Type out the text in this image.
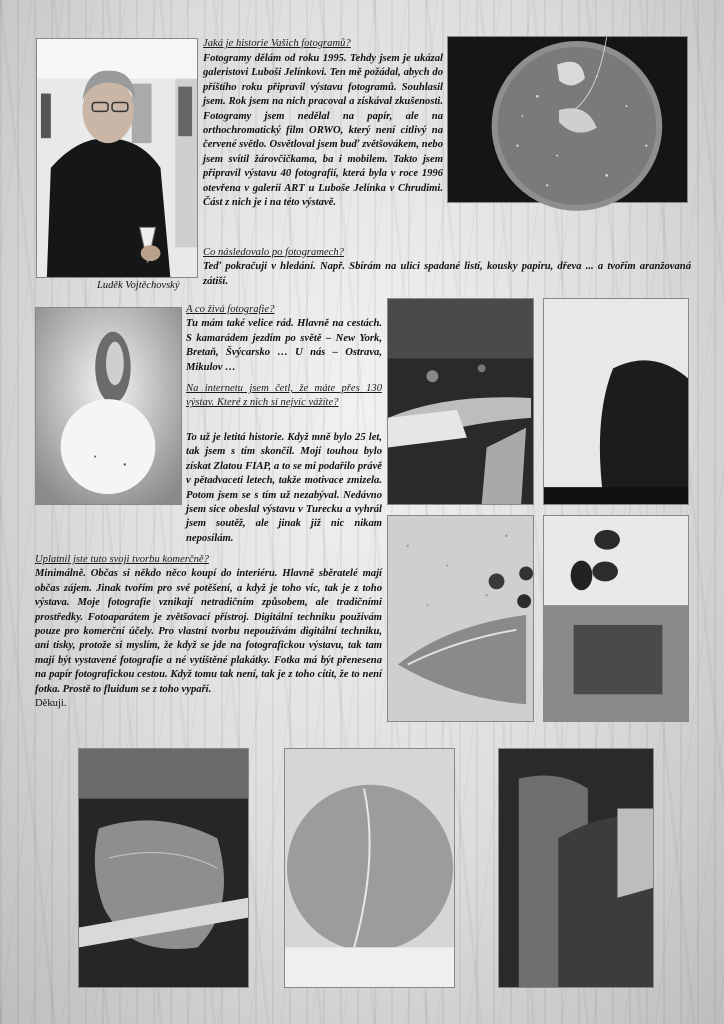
Luděk Vojtěchovský
Jaká je historie Vašich fotogramů?
Fotogramy dělám od roku 1995. Tehdy jsem je ukázal galeristovi Luboši Jelínkovi. Ten mě požádal, abych do příštího roku připravil výstavu fotogramů. Souhlasil jsem. Rok jsem na nich pracoval a získával zkušenosti. Fotogramy jsem nedělal na papír, ale na orthochromatický film ORWO, který není citlivý na červené světlo. Osvětloval jsem buď zvětšovákem, nebo jsem svítil žárovčičkama, ba i mobilem. Takto jsem připravil výstavu 40 fotografií, která byla v roce 1996 otevřena v galerii ART u Luboše Jelínka v Chrudimi. Část z nich je i na této výstavě.
Co následovalo po fotogramech?
Teď pokračuji v hledání. Např. Sbírám na ulici spadané listí, kousky papíru, dřeva ... a tvořím aranžovaná zátiší.
A co živá fotografie?
Tu mám také velice rád. Hlavně na cestách. S kamarádem jezdím po světě – New York, Bretaň, Švýcarsko … U nás – Ostrava, Mikulov …
Na internetu jsem četl, že máte přes 130 výstav. Které z nich si nejvíc vážíte?
To už je letitá historie. Když mně bylo 25 let, tak jsem s tím skončil. Mojí touhou bylo získat Zlatou FIAP, a to se mi podařilo právě v pětadvaceti letech, takže motivace zmizela. Potom jsem se s tím už nezabýval. Nedávno jsem sice obeslal výstavu v Turecku a vyhrál jsem soutěž, ale jinak již nic nikam neposílám.
Uplatnil jste tuto svoji tvorbu komerčně?
Minimálně. Občas si někdo něco koupí do interiéru. Hlavně sběratelé mají občas zájem. Jinak tvořím pro své potěšení, a když je toho víc, tak je z toho výstava. Moje fotografie vznikají netradičním způsobem, ale tradičními prostředky. Fotoaparátem je zvětšovací přístroj. Digitální techniku používám pouze pro komerční účely. Pro vlastní tvorbu nepoužívám digitální techniku, ani tisky, protože si myslím, že když se jde na fotografickou výstavu, tak tam mají být vystavené fotografie a né vytištěné plakátky. Fotka má být přenesena na papír fotografickou cestou. Když tomu tak není, tak je z toho cítit, že to není fotka. Prostě to fluidum se z toho vypaří.
Děkuji.
